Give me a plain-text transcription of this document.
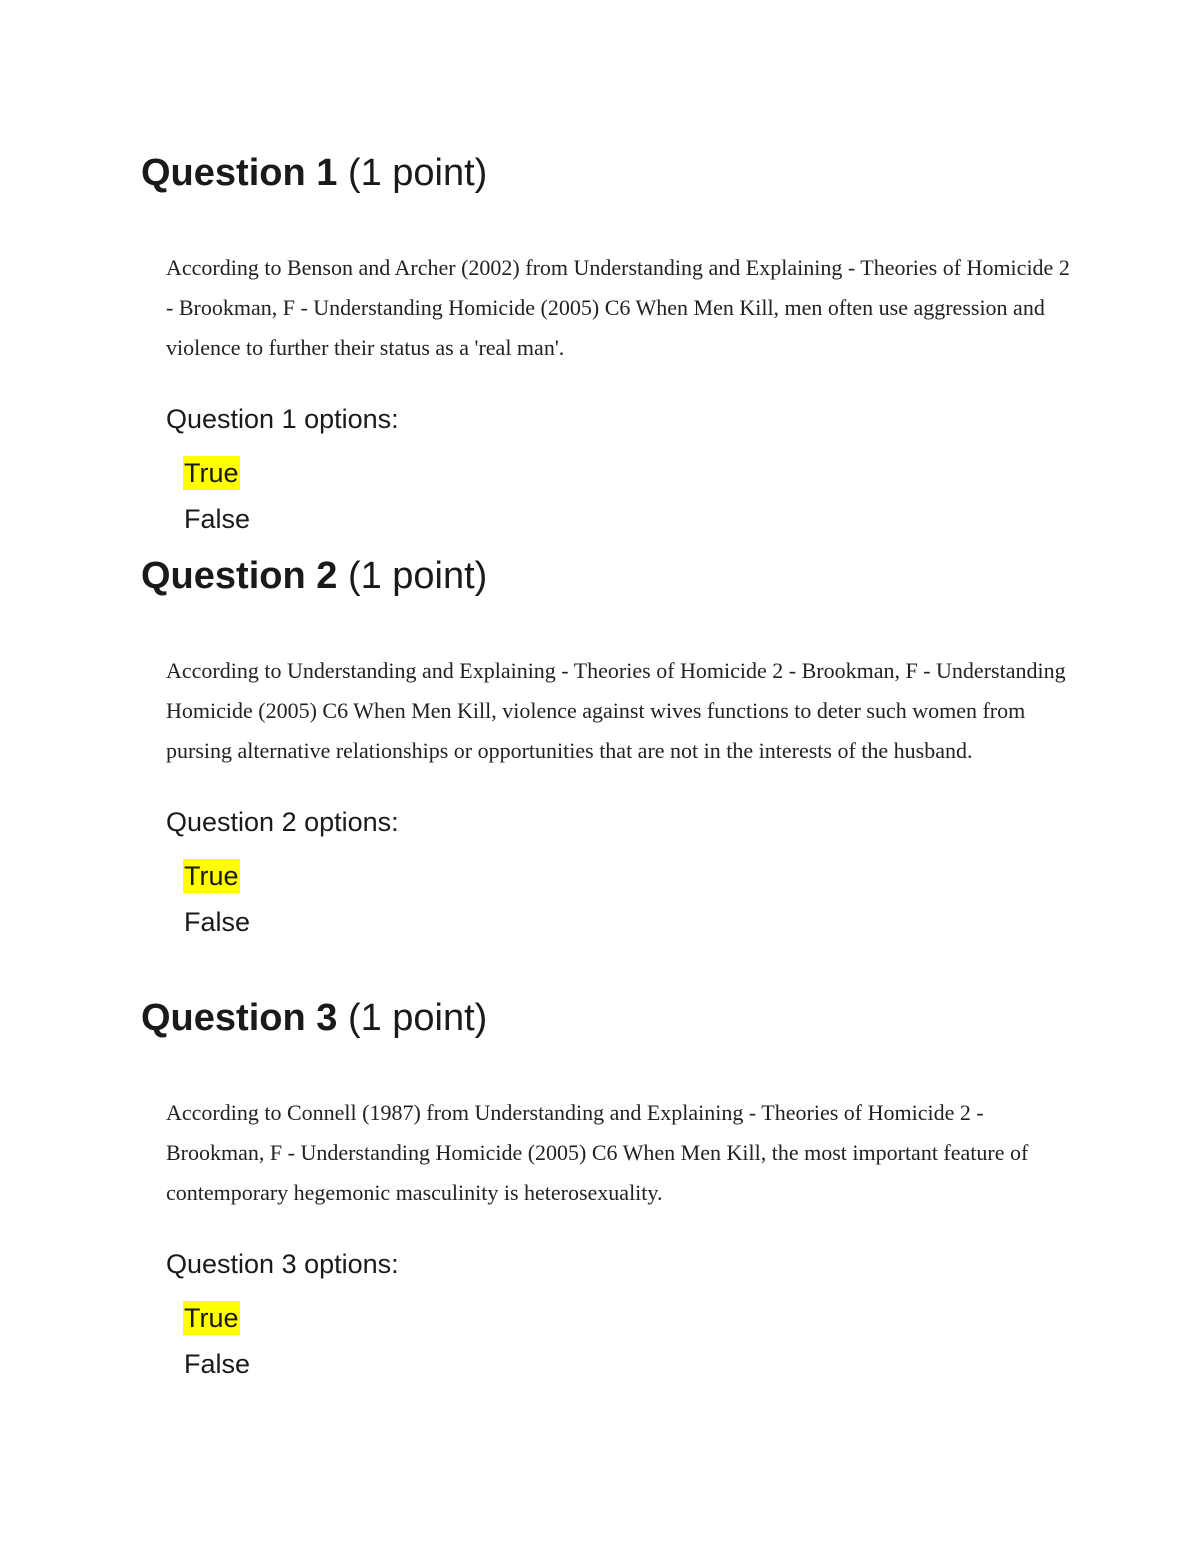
Question 1 (1 point)

According to Benson and Archer (2002) from Understanding and Explaining - Theories of Homicide 2 - Brookman, F - Understanding Homicide (2005) C6 When Men Kill, men often use aggression and violence to further their status as a 'real man'.

Question 1 options:
True
False
Question 2 (1 point)

According to Understanding and Explaining - Theories of Homicide 2 - Brookman, F - Understanding Homicide (2005) C6 When Men Kill, violence against wives functions to deter such women from pursing alternative relationships or opportunities that are not in the interests of the husband.

Question 2 options:
True
False
Question 3 (1 point)

According to Connell (1987) from Understanding and Explaining - Theories of Homicide 2 - Brookman, F - Understanding Homicide (2005) C6 When Men Kill, the most important feature of contemporary hegemonic masculinity is heterosexuality.

Question 3 options:
True
False
